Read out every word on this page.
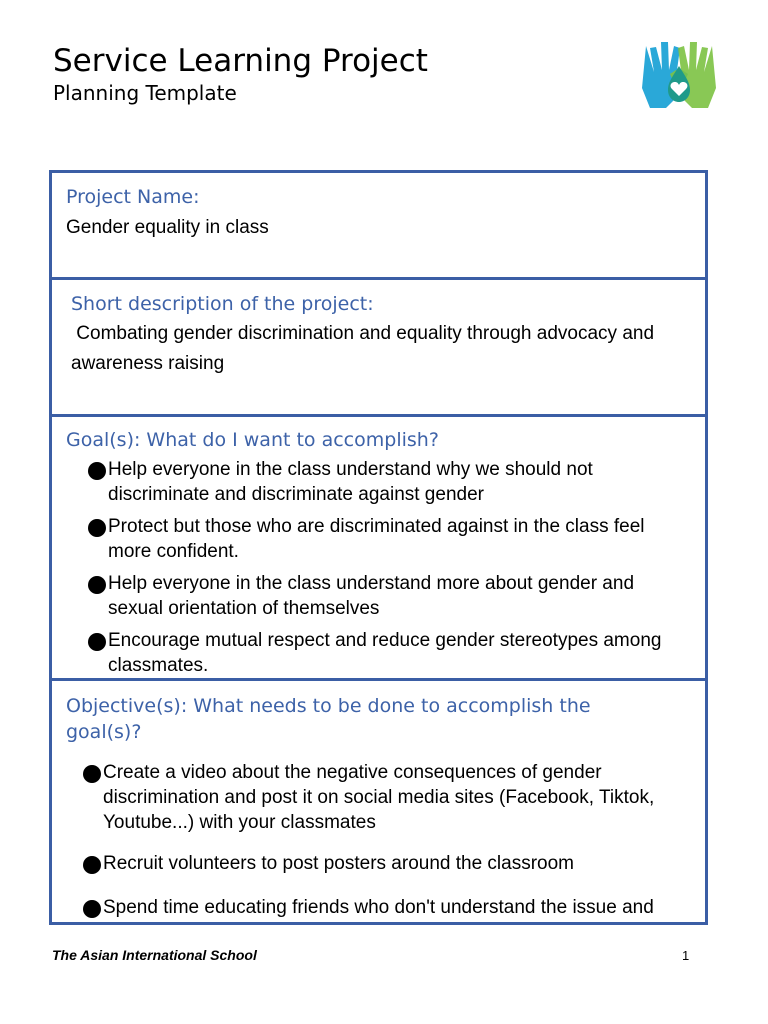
Service Learning Project
Planning Template
Project Name:
Gender equality in class
Short description of the project:
Combating gender discrimination and equality through advocacy and awareness raising
Goal(s): What do I want to accomplish?
Help everyone in the class understand why we should not discriminate and discriminate against gender
Protect but those who are discriminated against in the class feel more confident.
Help everyone in the class understand more about gender and sexual orientation of themselves
Encourage mutual respect and reduce gender stereotypes among classmates.
Objective(s): What needs to be done to accomplish the goal(s)?
Create a video about the negative consequences of gender discrimination and post it on social media sites (Facebook, Tiktok, Youtube...) with your classmates
Recruit volunteers to post posters around the classroom
Spend time educating friends who don't understand the issue and
The Asian International School	1
